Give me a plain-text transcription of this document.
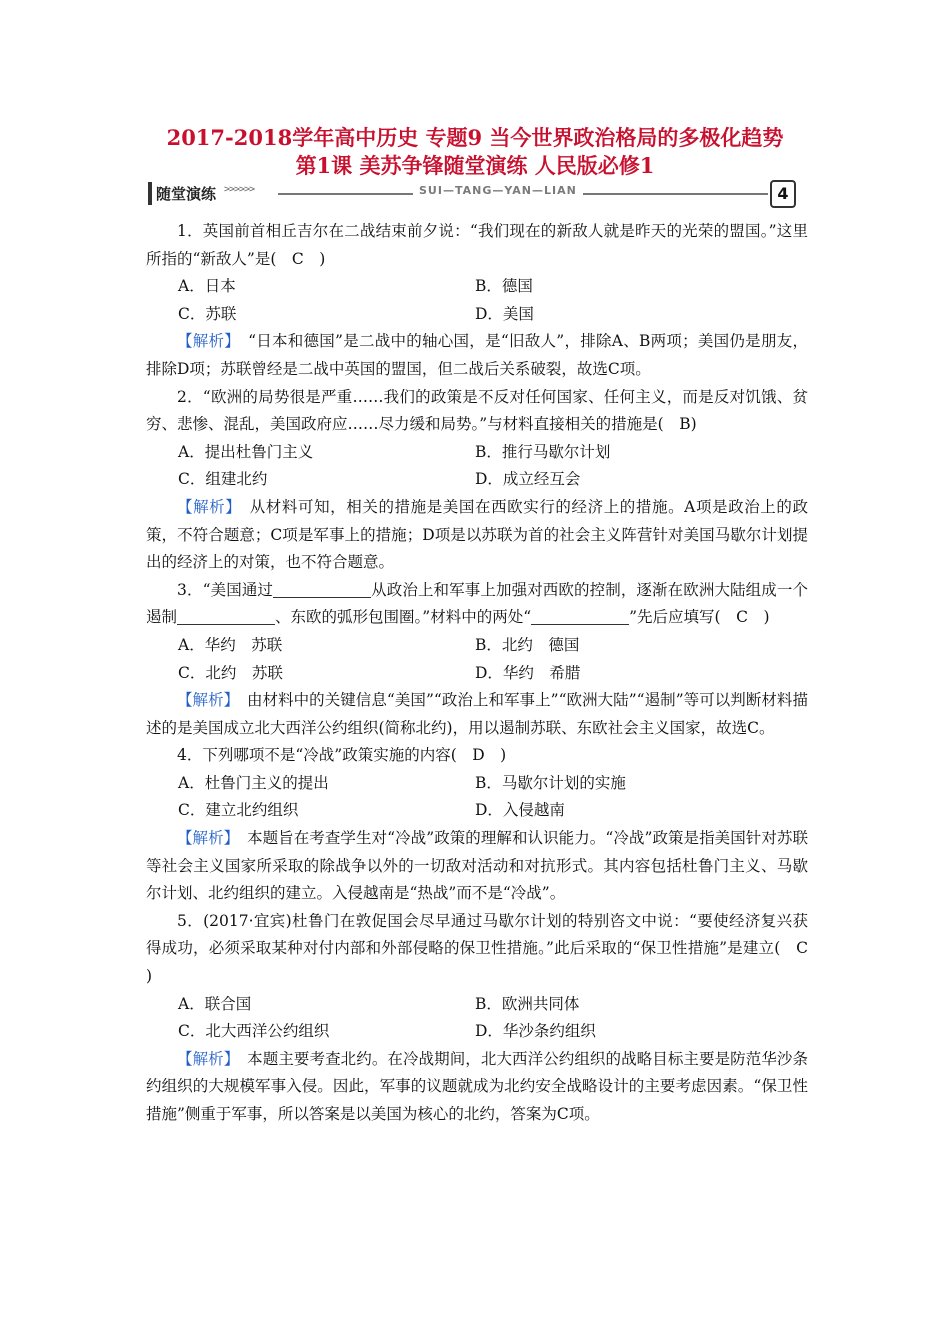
2017-2018学年高中历史 专题9 当今世界政治格局的多极化趋势
第1课 美苏争锋随堂演练 人民版必修1
随堂演练 >>>>>>	SUI—TANG—YAN—LIAN	4

1．英国前首相丘吉尔在二战结束前夕说：“我们现在的新敌人就是昨天的光荣的盟国。”这里所指的“新敌人”是(　C　)

A．日本	B．德国
C．苏联	D．美国

【解析】　 “日本和德国”是二战中的轴心国，是“旧敌人”，排除A、B两项；美国仍是朋友，排除D项；苏联曾经是二战中英国的盟国，但二战后关系破裂，故选C项。

2．“欧洲的局势很是严重……我们的政策是不反对任何国家、任何主义，而是反对饥饿、贫穷、悲惨、混乱，美国政府应……尽力缓和局势。”与材料直接相关的措施是(　B)

A．提出杜鲁门主义	B．推行马歇尔计划
C．组建北约	D．成立经互会

【解析】　 从材料可知，相关的措施是美国在西欧实行的经济上的措施。A项是政治上的政策，不符合题意；C项是军事上的措施；D项是以苏联为首的社会主义阵营针对美国马歇尔计划提出的经济上的对策，也不符合题意。

3．“美国通过	从政治上和军事上加强对西欧的控制，逐渐在欧洲大陆组成一个遏制	、东欧的弧形包围圈。”材料中的两处“	”先后应填写(　C　)

A．华约　苏联	B．北约　德国
C．北约　苏联	D．华约　希腊

【解析】　 由材料中的关键信息“美国”“政治上和军事上”“欧洲大陆”“遏制”等可以判断材料描述的是美国成立北大西洋公约组织(简称北约)，用以遏制苏联、东欧社会主义国家，故选C。

4．下列哪项不是“冷战”政策实施的内容(　D　)

A．杜鲁门主义的提出	B．马歇尔计划的实施
C．建立北约组织	D．入侵越南

【解析】　 本题旨在考查学生对“冷战”政策的理解和认识能力。“冷战”政策是指美国针对苏联等社会主义国家所采取的除战争以外的一切敌对活动和对抗形式。其内容包括杜鲁门主义、马歇尔计划、北约组织的建立。入侵越南是“热战”而不是“冷战”。

5．(2017·宜宾)杜鲁门在敦促国会尽早通过马歇尔计划的特别咨文中说：“要使经济复兴获得成功，必须采取某种对付内部和外部侵略的保卫性措施。”此后采取的“保卫性措施”是建立(　C　)

A．联合国	B．欧洲共同体
C．北大西洋公约组织	D．华沙条约组织

【解析】　 本题主要考查北约。在冷战期间，北大西洋公约组织的战略目标主要是防范华沙条约组织的大规模军事入侵。因此，军事的议题就成为北约安全战略设计的主要考虑因素。“保卫性措施”侧重于军事，所以答案是以美国为核心的北约，答案为C项。
